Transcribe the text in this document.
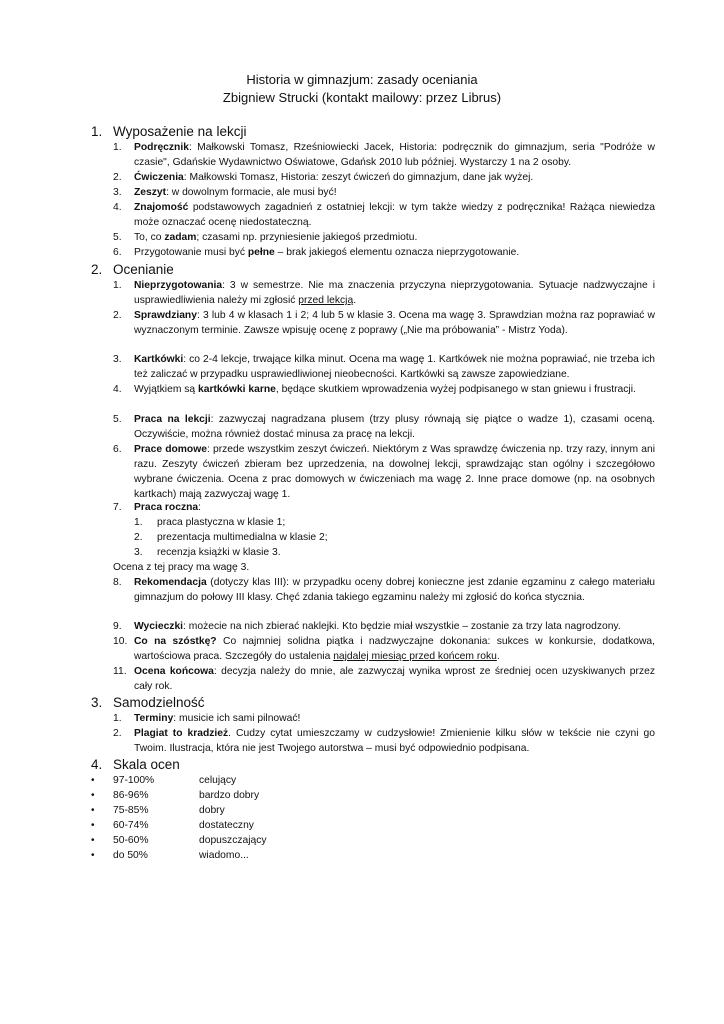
Historia w gimnazjum: zasady oceniania
Zbigniew Strucki (kontakt mailowy: przez Librus)
1. Wyposażenie na lekcji
1. Podręcznik: Małkowski Tomasz, Rześniowiecki Jacek, Historia: podręcznik do gimnazjum, seria "Podróże w czasie", Gdańskie Wydawnictwo Oświatowe, Gdańsk 2010 lub później. Wystarczy 1 na 2 osoby.
2. Ćwiczenia: Małkowski Tomasz, Historia: zeszyt ćwiczeń do gimnazjum, dane jak wyżej.
3. Zeszyt: w dowolnym formacie, ale musi być!
4. Znajomość podstawowych zagadnień z ostatniej lekcji: w tym także wiedzy z podręcznika! Rażąca niewiedza może oznaczać ocenę niedostateczną.
5. To, co zadam; czasami np. przyniesienie jakiegoś przedmiotu.
6. Przygotowanie musi być pełne – brak jakiegoś elementu oznacza nieprzygotowanie.
2. Ocenianie
1. Nieprzygotowania: 3 w semestrze. Nie ma znaczenia przyczyna nieprzygotowania. Sytuacje nadzwyczajne i usprawiedliwienia należy mi zgłosić przed lekcją.
2. Sprawdziany: 3 lub 4 w klasach 1 i 2; 4 lub 5 w klasie 3. Ocena ma wagę 3. Sprawdzian można raz poprawiać w wyznaczonym terminie. Zawsze wpisuję ocenę z poprawy („Nie ma próbowania” - Mistrz Yoda).
3. Kartkówki: co 2-4 lekcje, trwające kilka minut. Ocena ma wagę 1. Kartkówek nie można poprawiać, nie trzeba ich też zaliczać w przypadku usprawiedliwionej nieobecności. Kartkówki są zawsze zapowiedziane.
4. Wyjątkiem są kartkówki karne, będące skutkiem wprowadzenia wyżej podpisanego w stan gniewu i frustracji.
5. Praca na lekcji: zazwyczaj nagradzana plusem (trzy plusy równają się piątce o wadze 1), czasami oceną. Oczywiście, można również dostać minusa za pracę na lekcji.
6. Prace domowe: przede wszystkim zeszyt ćwiczeń. Niektórym z Was sprawdzę ćwiczenia np. trzy razy, innym ani razu. Zeszyty ćwiczeń zbieram bez uprzedzenia, na dowolnej lekcji, sprawdzając stan ogólny i szczegółowo wybrane ćwiczenia. Ocena z prac domowych w ćwiczeniach ma wagę 2. Inne prace domowe (np. na osobnych kartkach) mają zazwyczaj wagę 1.
7. Praca roczna:
1. praca plastyczna w klasie 1;
2. prezentacja multimedialna w klasie 2;
3. recenzja książki w klasie 3.
Ocena z tej pracy ma wagę 3.
8. Rekomendacja (dotyczy klas III): w przypadku oceny dobrej konieczne jest zdanie egzaminu z całego materiału gimnazjum do połowy III klasy. Chęć zdania takiego egzaminu należy mi zgłosić do końca stycznia.
9. Wycieczki: możecie na nich zbierać naklejki. Kto będzie miał wszystkie – zostanie za trzy lata nagrodzony.
10. Co na szóstkę? Co najmniej solidna piątka i nadzwyczajne dokonania: sukces w konkursie, dodatkowa, wartościowa praca. Szczegóły do ustalenia najdalej miesiąc przed końcem roku.
11. Ocena końcowa: decyzja należy do mnie, ale zazwyczaj wynika wprost ze średniej ocen uzyskiwanych przez cały rok.
3. Samodzielność
1. Terminy: musicie ich sami pilnować!
2. Plagiat to kradzież. Cudzy cytat umieszczamy w cudzysłowie! Zmienienie kilku słów w tekście nie czyni go Twoim. Ilustracja, która nie jest Twojego autorstwa – musi być odpowiednio podpisana.
4. Skala ocen
• 97-100%	celujący
• 86-96%	bardzo dobry
• 75-85%	dobry
• 60-74%	dostateczny
• 50-60%	dopuszczający
• do 50%	wiadomo...
